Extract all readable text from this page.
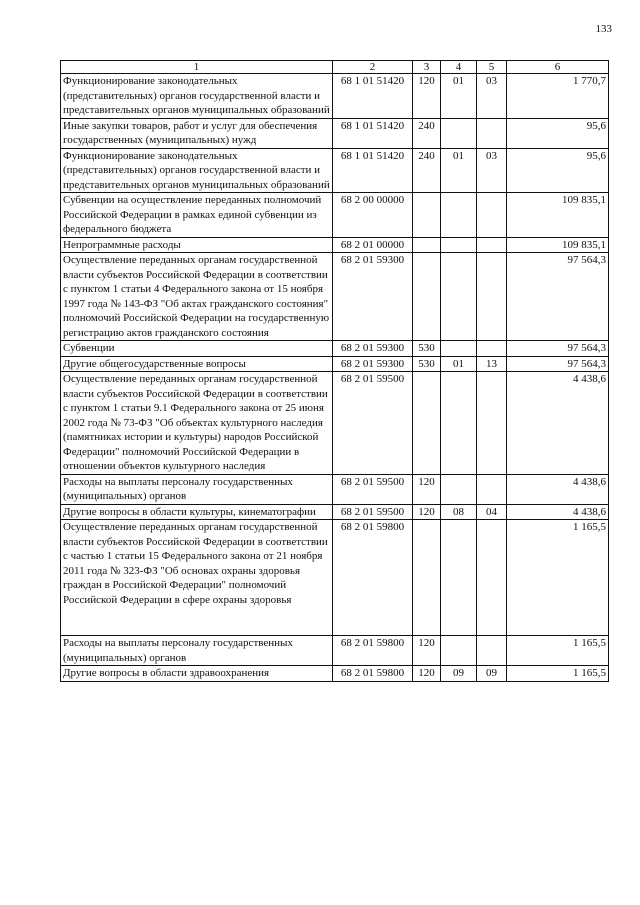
133
1	2	3	4	5	6
Функционирование законодательных (представительных) органов государственной власти и представительных органов муниципальных образований	68 1 01 51420	120	01	03	1 770,7
Иные закупки товаров, работ и услуг для обеспечения государственных (муниципальных) нужд	68 1 01 51420	240			95,6
Функционирование законодательных (представительных) органов государственной власти и представительных органов муниципальных образований	68 1 01 51420	240	01	03	95,6
Субвенции на осуществление переданных полномочий Российской Федерации в рамках единой субвенции из федерального бюджета	68 2 00 00000				109 835,1
Непрограммные расходы	68 2 01 00000				109 835,1
Осуществление переданных органам государственной власти субъектов Российской Федерации в соответствии с пунктом 1 статьи 4 Федерального закона от 15 ноября 1997 года № 143-ФЗ "Об актах гражданского состояния" полномочий Российской Федерации на государственную регистрацию актов гражданского состояния	68 2 01 59300				97 564,3
Субвенции	68 2 01 59300	530			97 564,3
Другие общегосударственные вопросы	68 2 01 59300	530	01	13	97 564,3
Осуществление переданных органам государственной власти субъектов Российской Федерации в соответствии с пунктом 1 статьи 9.1 Федерального закона от 25 июня 2002 года № 73-ФЗ "Об объектах культурного наследия (памятниках истории и культуры) народов Российской Федерации" полномочий Российской Федерации в отношении объектов культурного наследия	68 2 01 59500				4 438,6
Расходы на выплаты персоналу государственных (муниципальных) органов	68 2 01 59500	120			4 438,6
Другие вопросы в области культуры, кинематографии	68 2 01 59500	120	08	04	4 438,6
Осуществление переданных органам государственной власти субъектов Российской Федерации в соответствии с частью 1 статьи 15 Федерального закона от 21 ноября 2011 года № 323-ФЗ "Об основах охраны здоровья граждан в Российской Федерации" полномочий Российской Федерации в сфере охраны здоровья	68 2 01 59800				1 165,5
Расходы на выплаты персоналу государственных (муниципальных) органов	68 2 01 59800	120			1 165,5
Другие вопросы в области здравоохранения	68 2 01 59800	120	09	09	1 165,5
